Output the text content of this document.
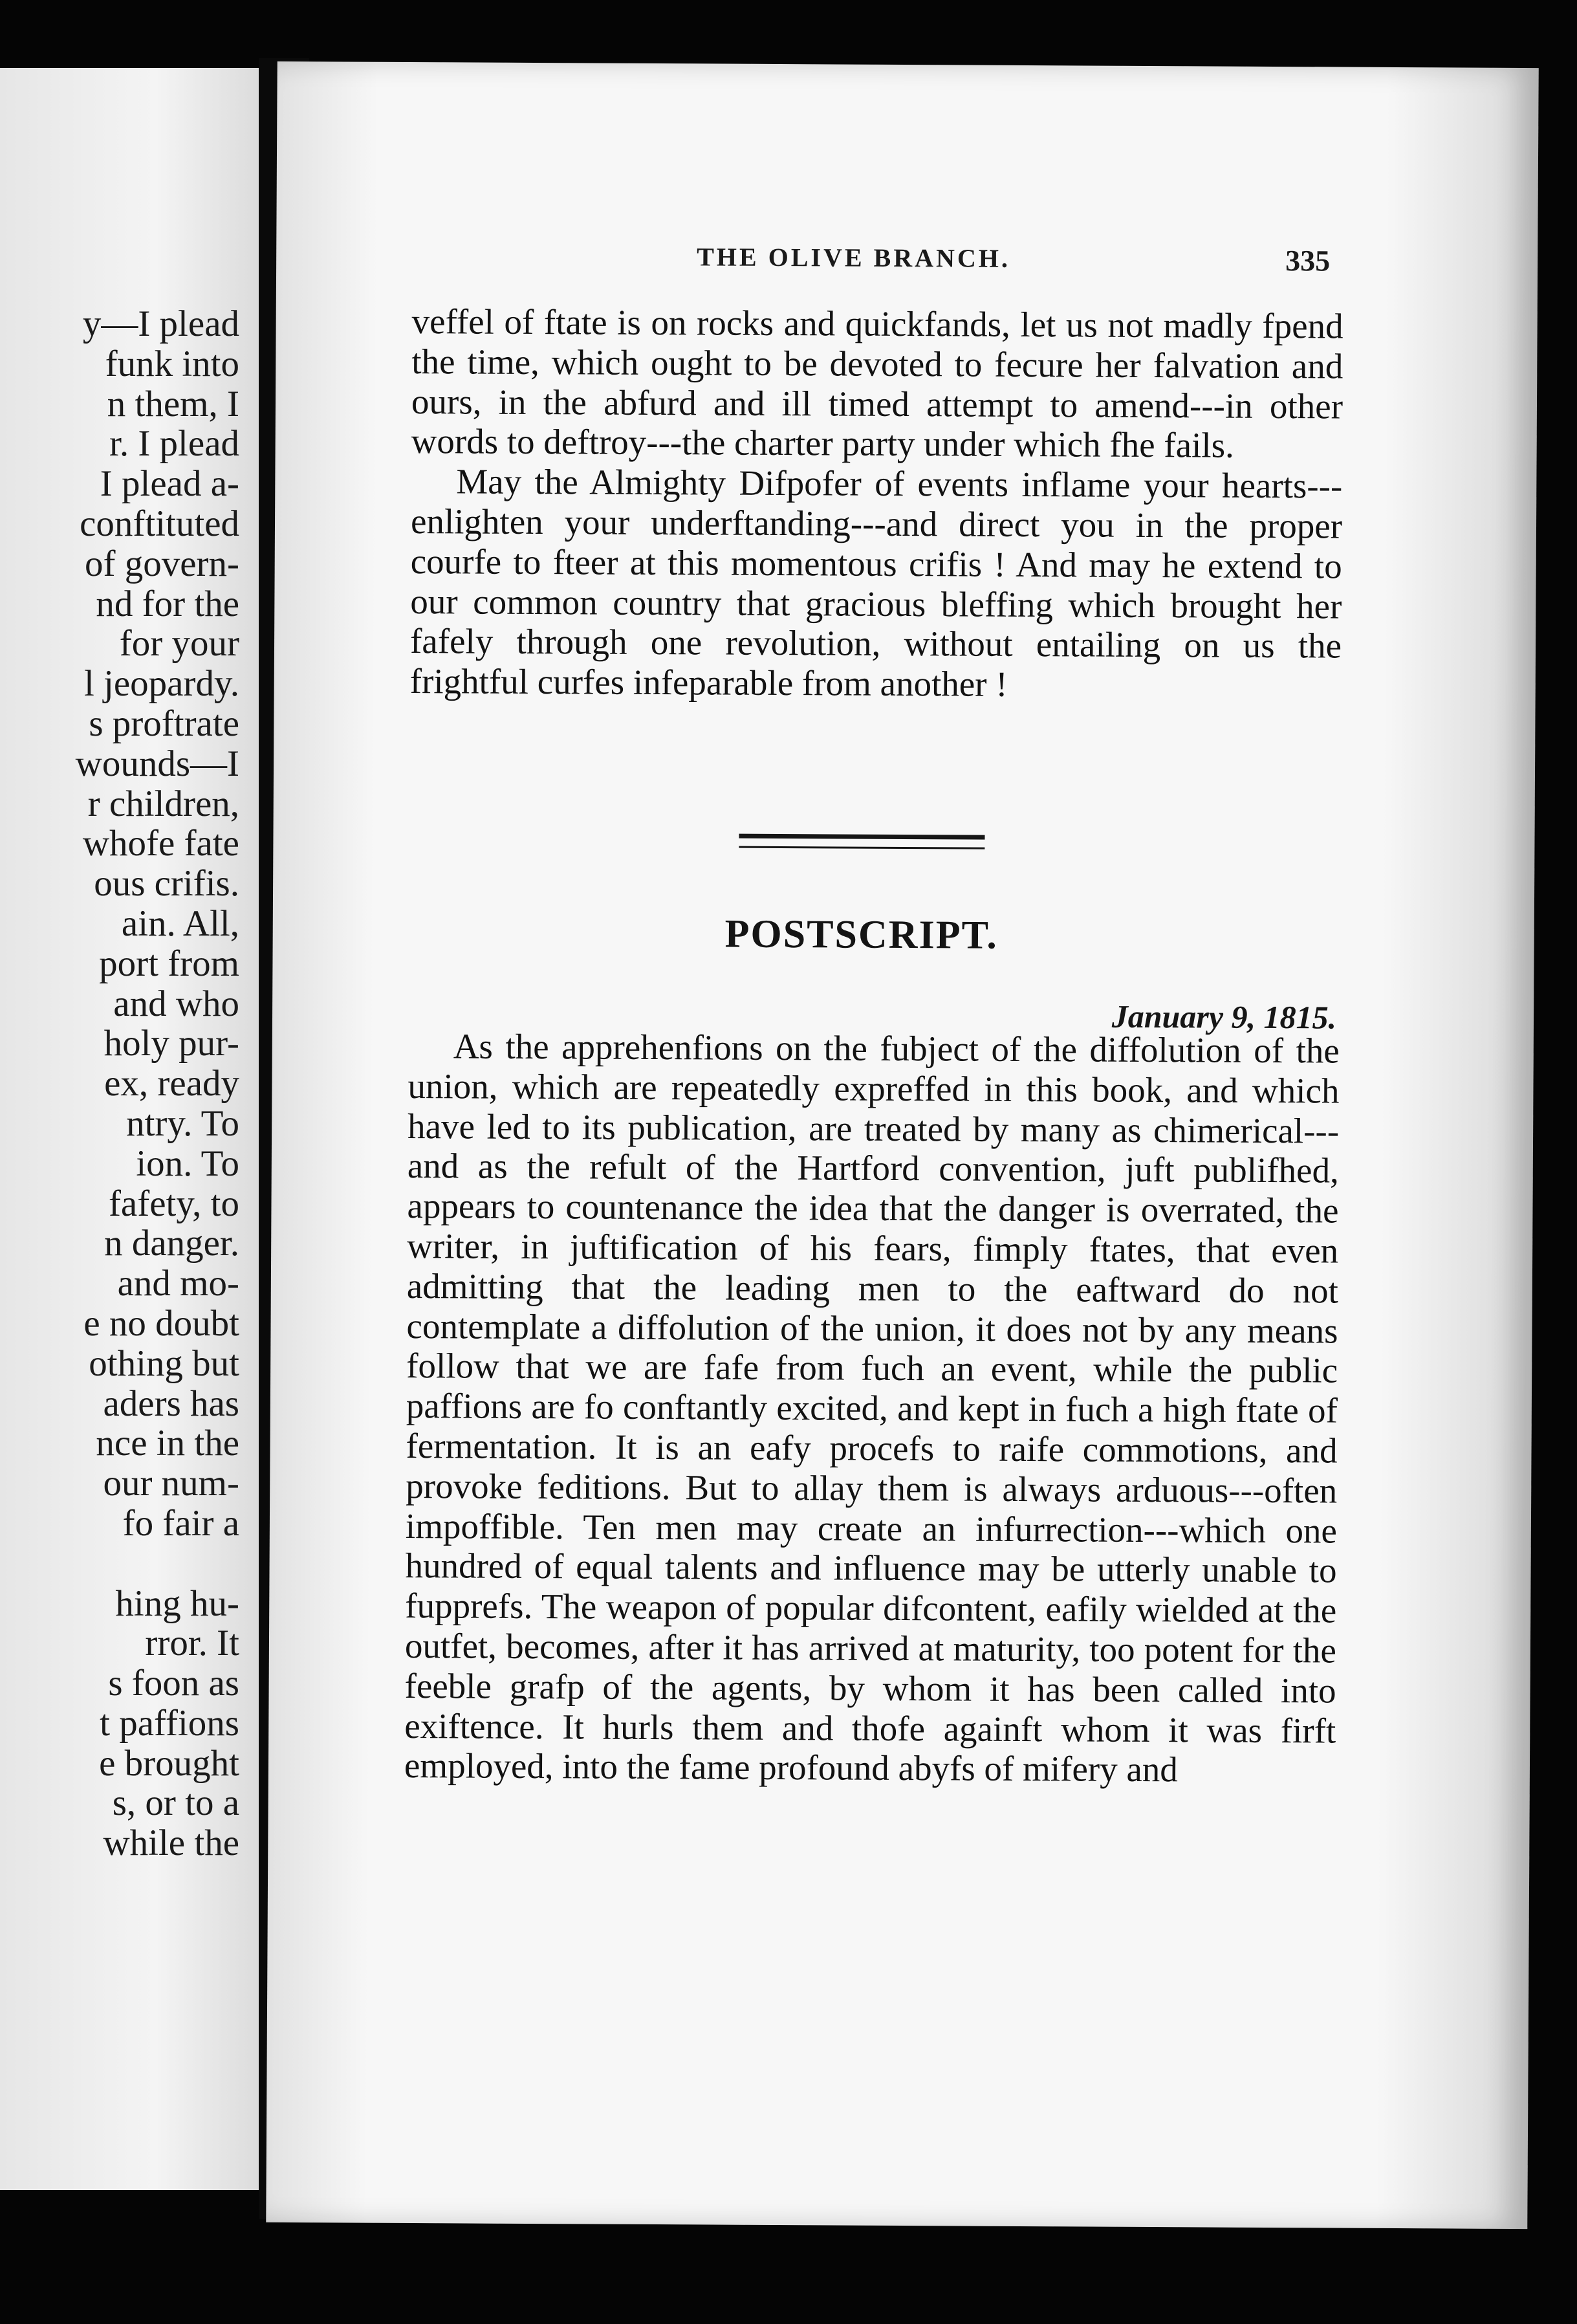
y—I plead
funk into
n them, I
r. I plead
I plead a-
conftituted
of govern-
nd for the
for your
l jeopardy.
s proftrate
wounds—I
r children,
whofe fate
ous crifis.
ain. All,
port from
and who
holy pur-
ex, ready
ntry. To
ion. To
fafety, to
n danger.
and mo-
e no doubt
othing but
aders has
nce in the
our num-
fo fair a
hing hu-
rror. It
s foon as
t paffions
e brought
s, or to a
while the
THE OLIVE BRANCH.	335

veffel of ftate is on rocks and quickfands, let us not madly fpend the time, which ought to be devoted to fecure her falvation and ours, in the abfurd and ill timed attempt to amend---in other words to deftroy---the charter party under which fhe fails.

May the Almighty Difpofer of events inflame your hearts---enlighten your underftanding---and direct you in the proper courfe to fteer at this momentous crifis ! And may he extend to our common country that gracious bleffing which brought her fafely through one revolution, without entailing on us the frightful curfes infeparable from another !

POSTSCRIPT.
January 9, 1815.

As the apprehenfions on the fubject of the diffolution of the union, which are repeatedly expreffed in this book, and which have led to its publication, are treated by many as chimerical---and as the refult of the Hartford convention, juft publifhed, appears to countenance the idea that the danger is overrated, the writer, in juftification of his fears, fimply ftates, that even admitting that the leading men to the eaftward do not contemplate a diffolution of the union, it does not by any means follow that we are fafe from fuch an event, while the public paffions are fo conftantly excited, and kept in fuch a high ftate of fermentation. It is an eafy procefs to raife commotions, and provoke feditions. But to allay them is always arduous---often impoffible. Ten men may create an infurrection---which one hundred of equal talents and influence may be utterly unable to fupprefs. The weapon of popular difcontent, eafily wielded at the outfet, becomes, after it has arrived at maturity, too potent for the feeble grafp of the agents, by whom it has been called into exiftence. It hurls them and thofe againft whom it was firft employed, into the fame profound abyfs of mifery and
